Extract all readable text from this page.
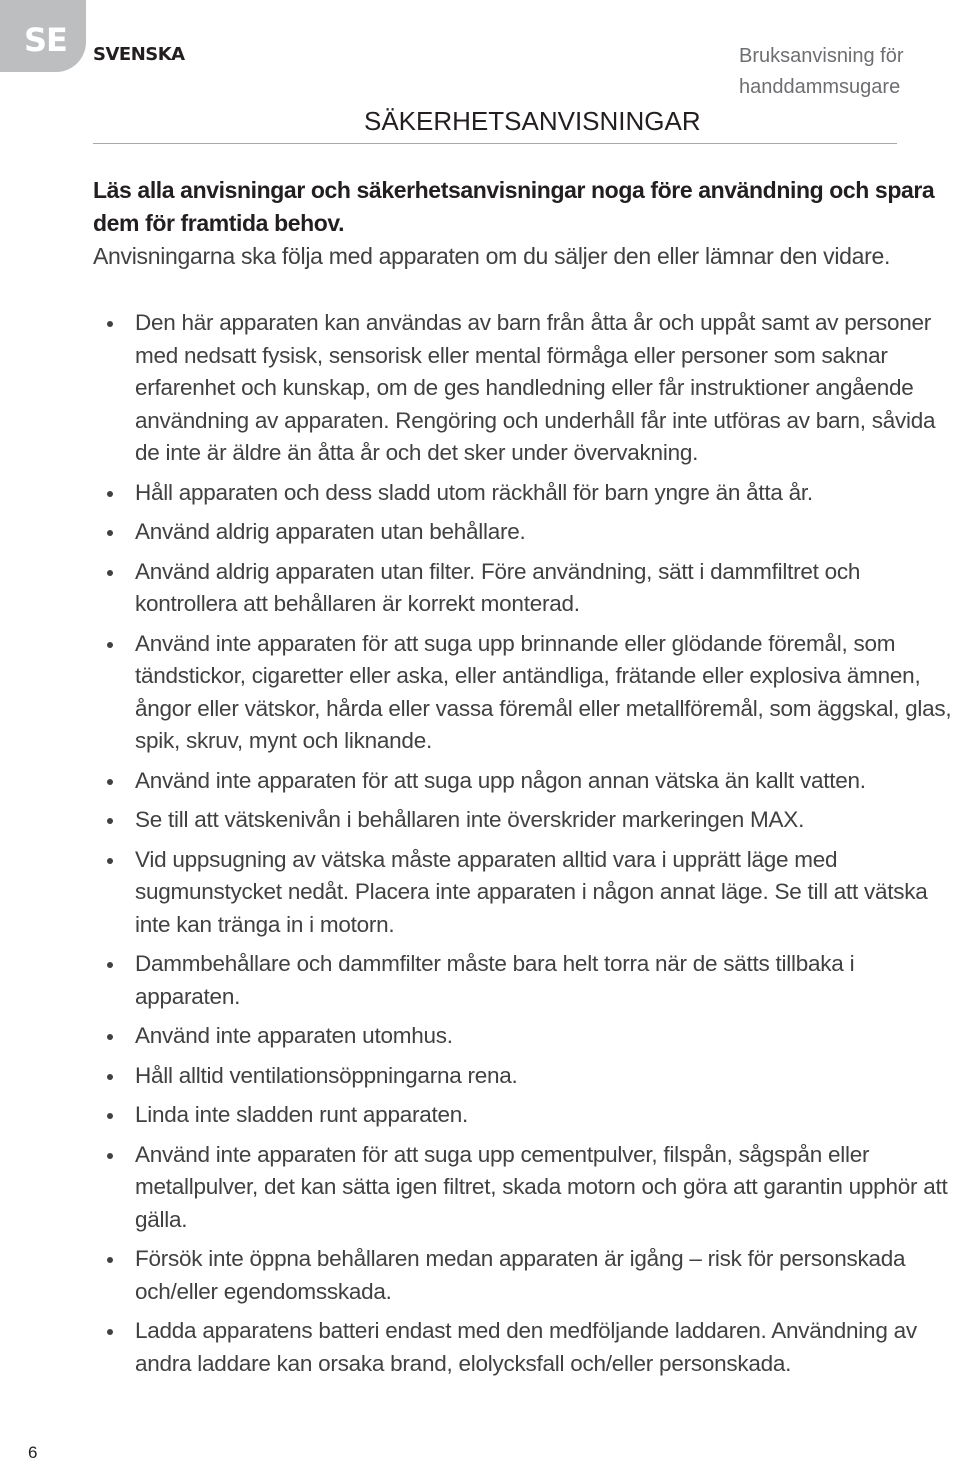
SE	SVENSKA	Bruksanvisning för handdammsugare
SÄKERHETSANVISNINGAR
Läs alla anvisningar och säkerhetsanvisningar noga före användning och spara dem för framtida behov.
Anvisningarna ska följa med apparaten om du säljer den eller lämnar den vidare.
Den här apparaten kan användas av barn från åtta år och uppåt samt av personer med nedsatt fysisk, sensorisk eller mental förmåga eller personer som saknar erfarenhet och kunskap, om de ges handledning eller får instruktioner angående användning av apparaten. Rengöring och underhåll får inte utföras av barn, såvida de inte är äldre än åtta år och det sker under övervakning.
Håll apparaten och dess sladd utom räckhåll för barn yngre än åtta år.
Använd aldrig apparaten utan behållare.
Använd aldrig apparaten utan filter. Före användning, sätt i dammfiltret och kontrollera att behållaren är korrekt monterad.
Använd inte apparaten för att suga upp brinnande eller glödande föremål, som tändstickor, cigaretter eller aska, eller antändliga, frätande eller explosiva ämnen, ångor eller vätskor, hårda eller vassa föremål eller metallföremål, som äggskal, glas, spik, skruv, mynt och liknande.
Använd inte apparaten för att suga upp någon annan vätska än kallt vatten.
Se till att vätskenivån i behållaren inte överskrider markeringen MAX.
Vid uppsugning av vätska måste apparaten alltid vara i upprätt läge med sugmunstycket nedåt. Placera inte apparaten i någon annat läge. Se till att vätska inte kan tränga in i motorn.
Dammbehållare och dammfilter måste bara helt torra när de sätts tillbaka i apparaten.
Använd inte apparaten utomhus.
Håll alltid ventilationsöppningarna rena.
Linda inte sladden runt apparaten.
Använd inte apparaten för att suga upp cementpulver, filspån, sågspån eller metallpulver, det kan sätta igen filtret, skada motorn och göra att garantin upphör att gälla.
Försök inte öppna behållaren medan apparaten är igång – risk för personskada och/eller egendomsskada.
Ladda apparatens batteri endast med den medföljande laddaren. Användning av andra laddare kan orsaka brand, elolycksfall och/eller personskada.
6
